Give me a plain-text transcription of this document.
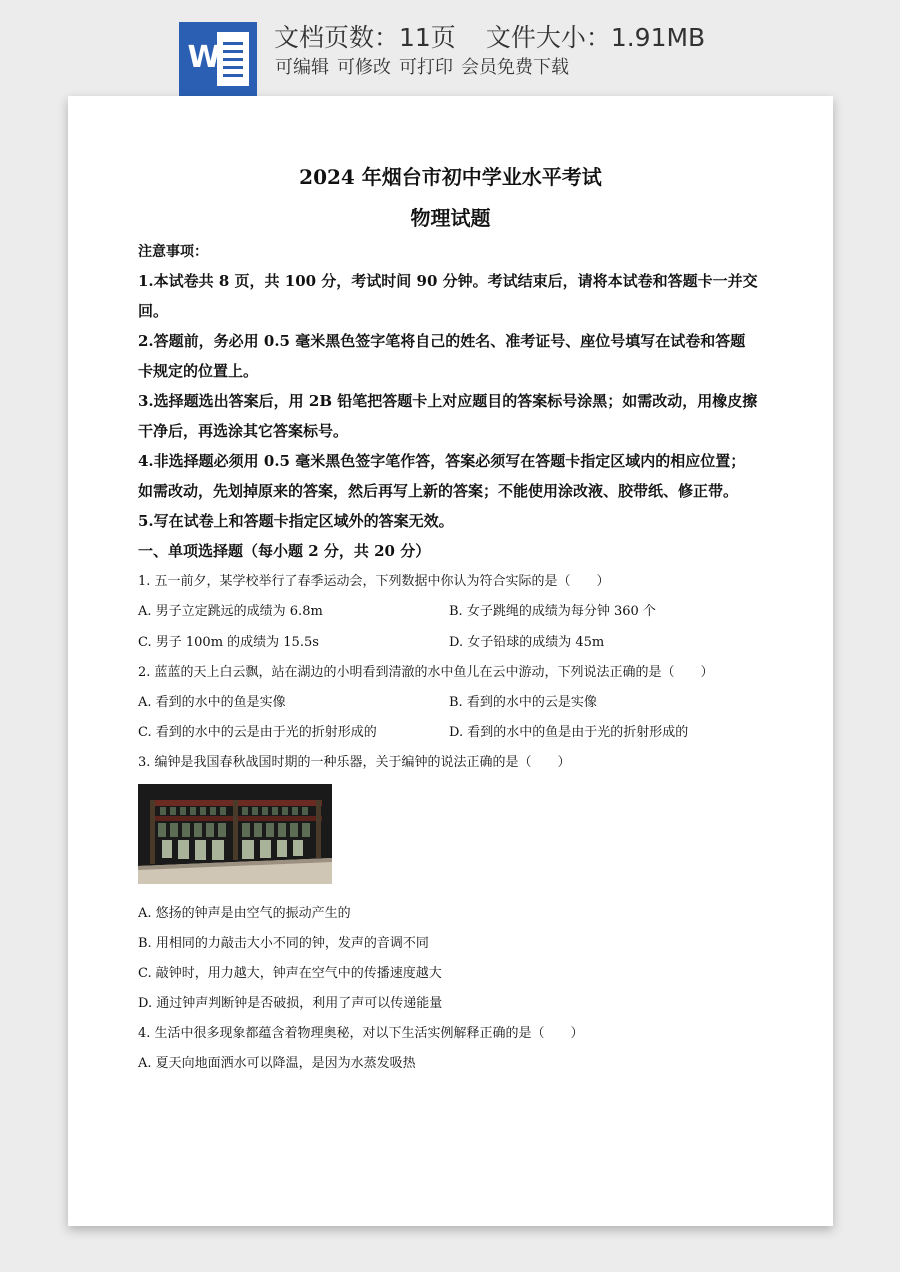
W
文档页数：11页 文件大小：1.91MB
可编辑 可修改 可打印 会员免费下载
2024 年烟台市初中学业水平考试
物理试题
注意事项：
1.本试卷共 8 页，共 100 分，考试时间 90 分钟。考试结束后，请将本试卷和答题卡一并交
回。
2.答题前，务必用 0.5 毫米黑色签字笔将自己的姓名、准考证号、座位号填写在试卷和答题
卡规定的位置上。
3.选择题选出答案后，用 2B 铅笔把答题卡上对应题目的答案标号涂黑；如需改动，用橡皮擦
干净后，再选涂其它答案标号。
4.非选择题必须用 0.5 毫米黑色签字笔作答，答案必须写在答题卡指定区域内的相应位置；
如需改动，先划掉原来的答案，然后再写上新的答案；不能使用涂改液、胶带纸、修正带。
5.写在试卷上和答题卡指定区域外的答案无效。
一、单项选择题（每小题 2 分，共 20 分）
1. 五一前夕，某学校举行了春季运动会，下列数据中你认为符合实际的是（　　）
A. 男子立定跳远的成绩为 6.8m	B. 女子跳绳的成绩为每分钟 360 个
C. 男子 100m 的成绩为 15.5s	D. 女子铅球的成绩为 45m
2. 蓝蓝的天上白云飘，站在湖边的小明看到清澈的水中鱼儿在云中游动，下列说法正确的是（　　）
A. 看到的水中的鱼是实像	B. 看到的水中的云是实像
C. 看到的水中的云是由于光的折射形成的	D. 看到的水中的鱼是由于光的折射形成的
3. 编钟是我国春秋战国时期的一种乐器，关于编钟的说法正确的是（　　）
A. 悠扬的钟声是由空气的振动产生的
B. 用相同的力敲击大小不同的钟，发声的音调不同
C. 敲钟时，用力越大，钟声在空气中的传播速度越大
D. 通过钟声判断钟是否破损，利用了声可以传递能量
4. 生活中很多现象都蕴含着物理奥秘，对以下生活实例解释正确的是（　　）
A. 夏天向地面洒水可以降温，是因为水蒸发吸热
